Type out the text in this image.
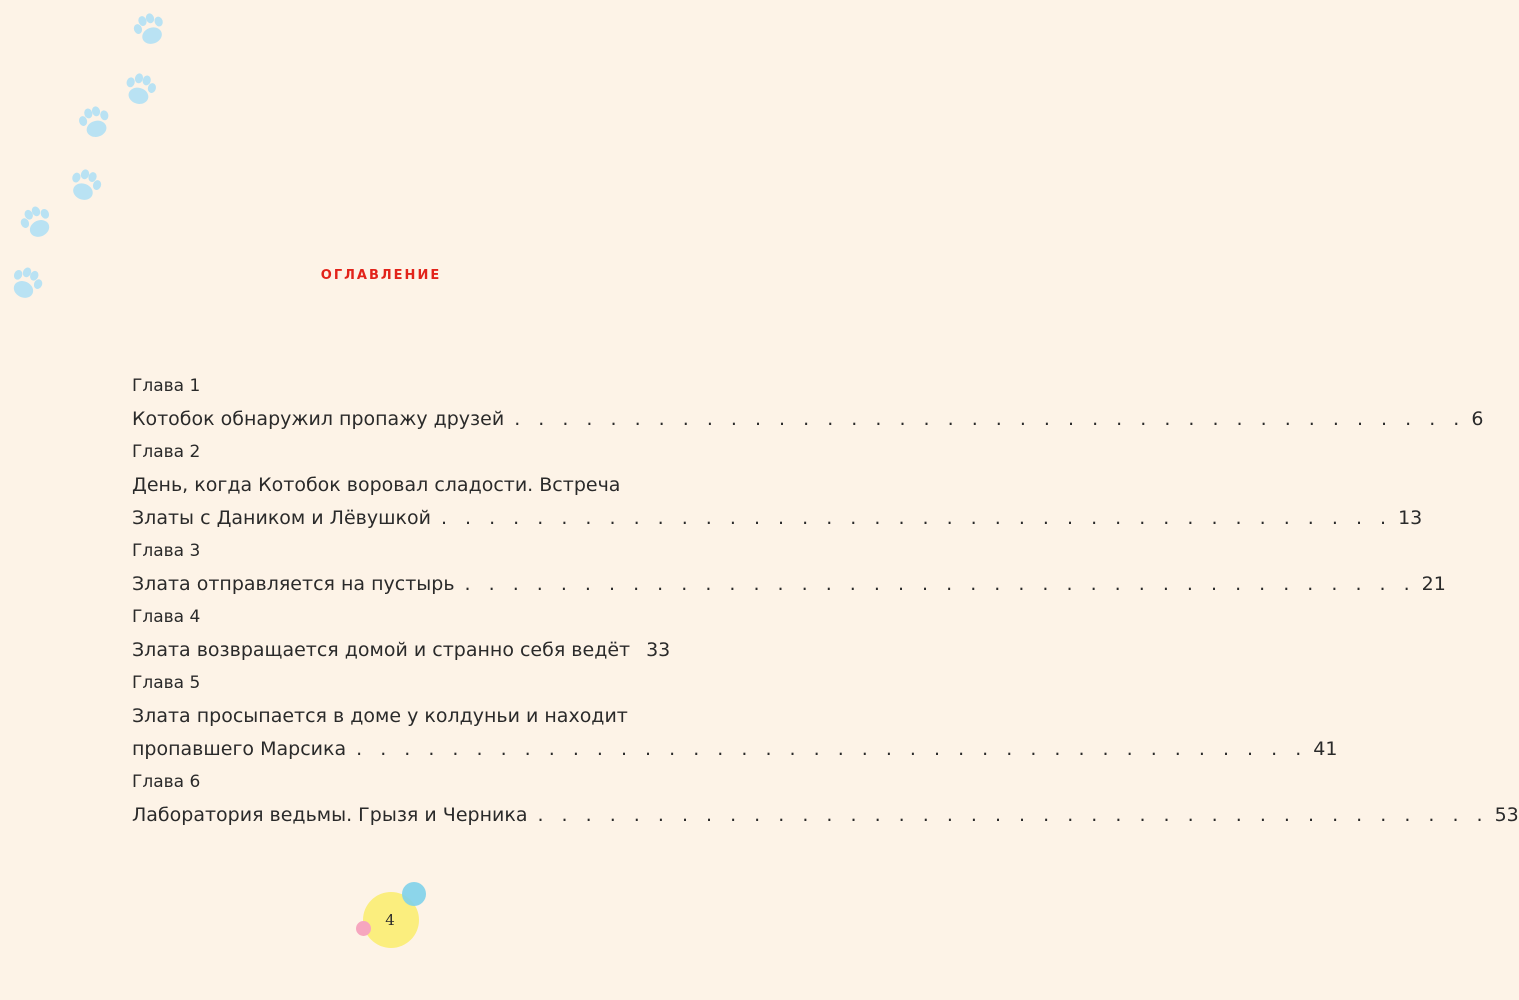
оглавление
Глава 1
Котобок обнаружил пропажу друзей . . . . . . . . . . . . . . . . . . . . . . . . . . . . . . . . . . . . . . . . 6
Глава 2
День, когда Котобок воровал сладости. Встреча
Златы с Даником и Лёвушкой . . . . . . . . . . . . . . . . . . . . . . . . . . . . . . . . . . . . . . . . 13
Глава 3
Злата отправляется на пустырь . . . . . . . . . . . . . . . . . . . . . . . . . . . . . . . . . . . . . . . . 21
Глава 4
Злата возвращается домой и странно себя ведёт 33
Глава 5
Злата просыпается в доме у колдуньи и находит
пропавшего Марсика . . . . . . . . . . . . . . . . . . . . . . . . . . . . . . . . . . . . . . . . 41
Глава 6
Лаборатория ведьмы. Грызя и Черника . . . . . . . . . . . . . . . . . . . . . . . . . . . . . . . . . . . . . . . . 53
4
